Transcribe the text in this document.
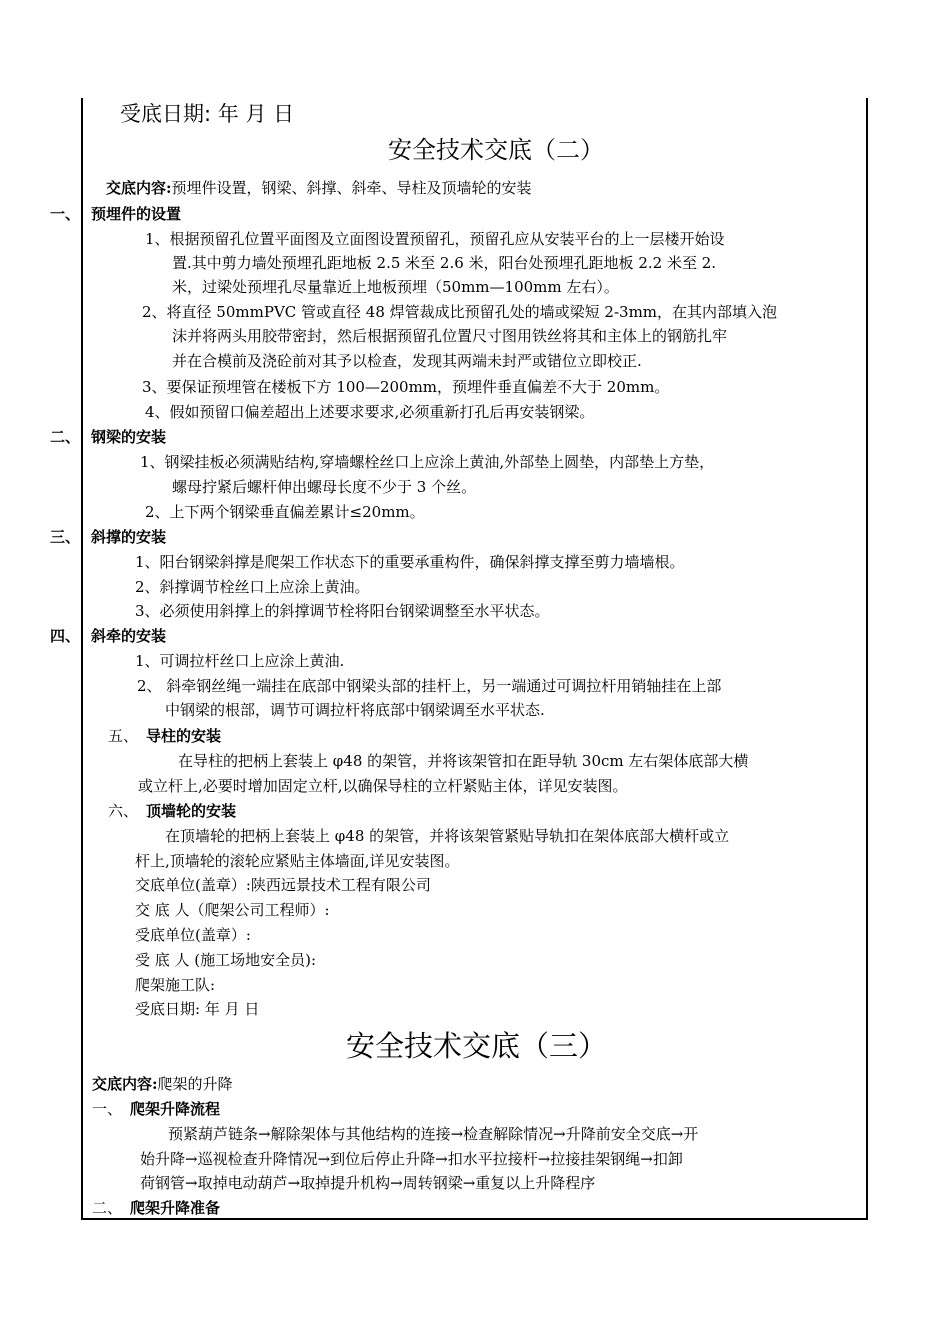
受底日期: 年 月 日
安全技术交底（二）
交底内容:预埋件设置，钢梁、斜撑、斜牵、导柱及顶墙轮的安装
一、 预埋件的设置
1、根据预留孔位置平面图及立面图设置预留孔，预留孔应从安装平台的上一层楼开始设
置.其中剪力墙处预埋孔距地板 2.5 米至 2.6 米，阳台处预埋孔距地板 2.2 米至 2.
米，过梁处预埋孔尽量靠近上地板预埋（50mm—100mm 左右）。
2、将直径 50mmPVC 管或直径 48 焊管裁成比预留孔处的墙或梁短 2-3mm，在其内部填入泡
沫并将两头用胶带密封，然后根据预留孔位置尺寸图用铁丝将其和主体上的钢筋扎牢
并在合模前及浇砼前对其予以检查，发现其两端未封严或错位立即校正.
3、要保证预埋管在楼板下方 100—200mm，预埋件垂直偏差不大于 20mm。
4、假如预留口偏差超出上述要求要求,必须重新打孔后再安装钢梁。
二、 钢梁的安装
1、钢梁挂板必须满贴结构,穿墙螺栓丝口上应涂上黄油,外部垫上圆垫，内部垫上方垫，
螺母拧紧后螺杆伸出螺母长度不少于 3 个丝。
2、上下两个钢梁垂直偏差累计≤20mm。
三、 斜撑的安装
1、阳台钢梁斜撑是爬架工作状态下的重要承重构件，确保斜撑支撑至剪力墙墙根。
2、斜撑调节栓丝口上应涂上黄油。
3、必须使用斜撑上的斜撑调节栓将阳台钢梁调整至水平状态。
四、 斜牵的安装
1、可调拉杆丝口上应涂上黄油.
2、 斜牵钢丝绳一端挂在底部中钢梁头部的挂杆上，另一端通过可调拉杆用销轴挂在上部
中钢梁的根部，调节可调拉杆将底部中钢梁调至水平状态.
五、 导柱的安装
在导柱的把柄上套装上 φ48 的架管，并将该架管扣在距导轨 30cm 左右架体底部大横
或立杆上,必要时增加固定立杆,以确保导柱的立杆紧贴主体，详见安装图。
六、 顶墙轮的安装
在顶墙轮的把柄上套装上 φ48 的架管，并将该架管紧贴导轨扣在架体底部大横杆或立
杆上,顶墙轮的滚轮应紧贴主体墙面,详见安装图。
交底单位(盖章）:陕西远景技术工程有限公司
交 底 人（爬架公司工程师）:
受底单位(盖章）:
受 底 人 (施工场地安全员):
爬架施工队:
受底日期: 年 月 日
安全技术交底（三）
交底内容:爬架的升降
一、 爬架升降流程
预紧葫芦链条→解除架体与其他结构的连接→检查解除情况→升降前安全交底→开
始升降→巡视检查升降情况→到位后停止升降→扣水平拉接杆→拉接挂架钢绳→扣卸
荷钢管→取掉电动葫芦→取掉提升机构→周转钢梁→重复以上升降程序
二、 爬架升降准备
